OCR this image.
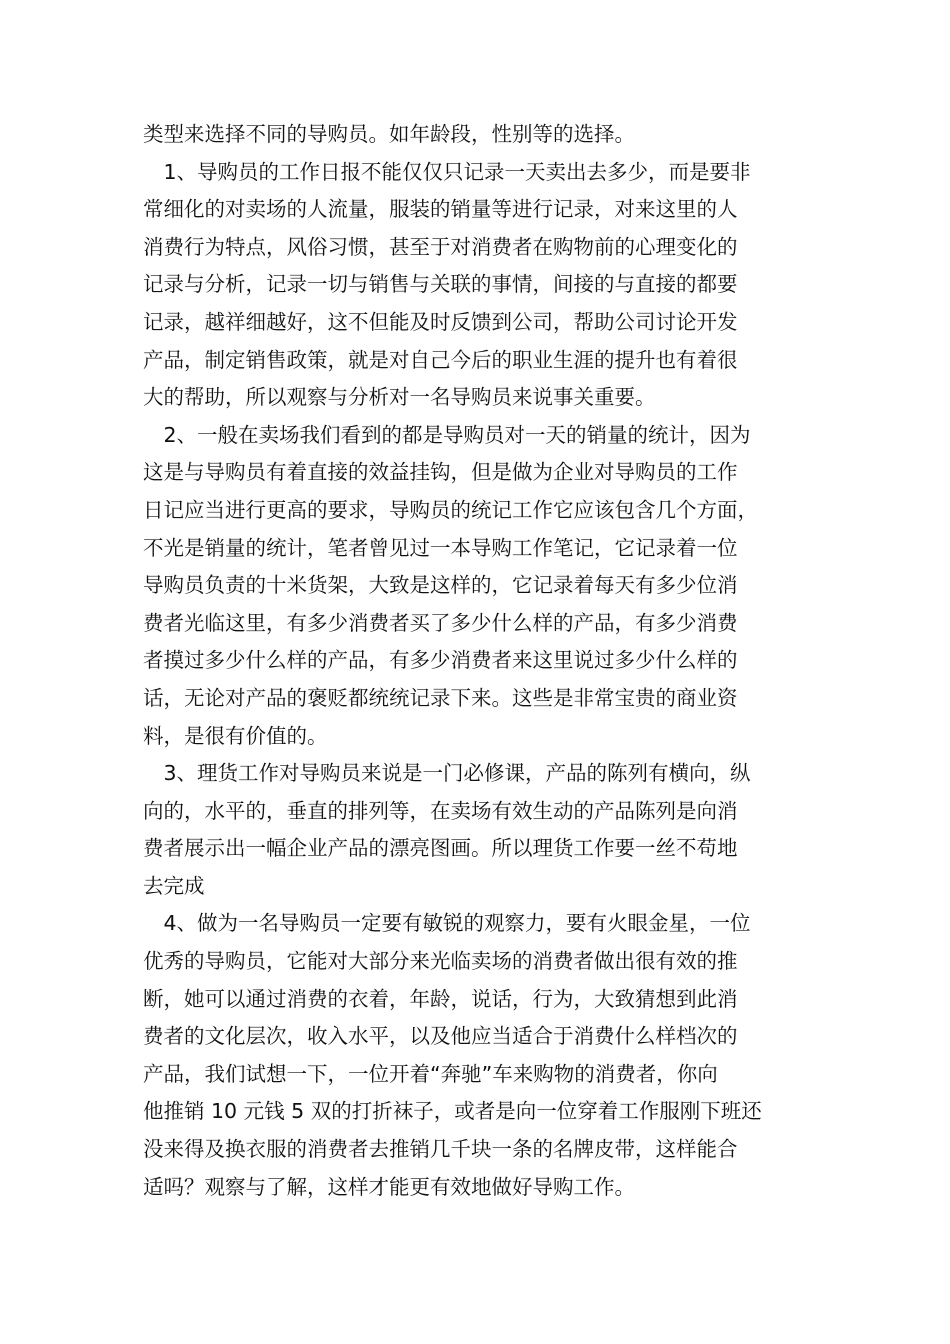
类型来选择不同的导购员。如年龄段，性别等的选择。
　1、导购员的工作日报不能仅仅只记录一天卖出去多少，而是要非
常细化的对卖场的人流量，服装的销量等进行记录，对来这里的人
消费行为特点，风俗习惯，甚至于对消费者在购物前的心理变化的
记录与分析，记录一切与销售与关联的事情，间接的与直接的都要
记录，越祥细越好，这不但能及时反馈到公司，帮助公司讨论开发
产品，制定销售政策，就是对自己今后的职业生涯的提升也有着很
大的帮助，所以观察与分析对一名导购员来说事关重要。
　2、一般在卖场我们看到的都是导购员对一天的销量的统计，因为
这是与导购员有着直接的效益挂钩，但是做为企业对导购员的工作
日记应当进行更高的要求，导购员的统记工作它应该包含几个方面，
不光是销量的统计，笔者曾见过一本导购工作笔记，它记录着一位
导购员负责的十米货架，大致是这样的，它记录着每天有多少位消
费者光临这里，有多少消费者买了多少什么样的产品，有多少消费
者摸过多少什么样的产品，有多少消费者来这里说过多少什么样的
话，无论对产品的褒贬都统统记录下来。这些是非常宝贵的商业资
料，是很有价值的。
　3、理货工作对导购员来说是一门必修课，产品的陈列有横向，纵
向的，水平的，垂直的排列等，在卖场有效生动的产品陈列是向消
费者展示出一幅企业产品的漂亮图画。所以理货工作要一丝不苟地
去完成
　4、做为一名导购员一定要有敏锐的观察力，要有火眼金星，一位
优秀的导购员，它能对大部分来光临卖场的消费者做出很有效的推
断，她可以通过消费的衣着，年龄，说话，行为，大致猜想到此消
费者的文化层次，收入水平，以及他应当适合于消费什么样档次的
产品，我们试想一下，一位开着“奔驰”车来购物的消费者，你向
他推销 10 元钱 5 双的打折袜子，或者是向一位穿着工作服刚下班还
没来得及换衣服的消费者去推销几千块一条的名牌皮带，这样能合
适吗？观察与了解，这样才能更有效地做好导购工作。
